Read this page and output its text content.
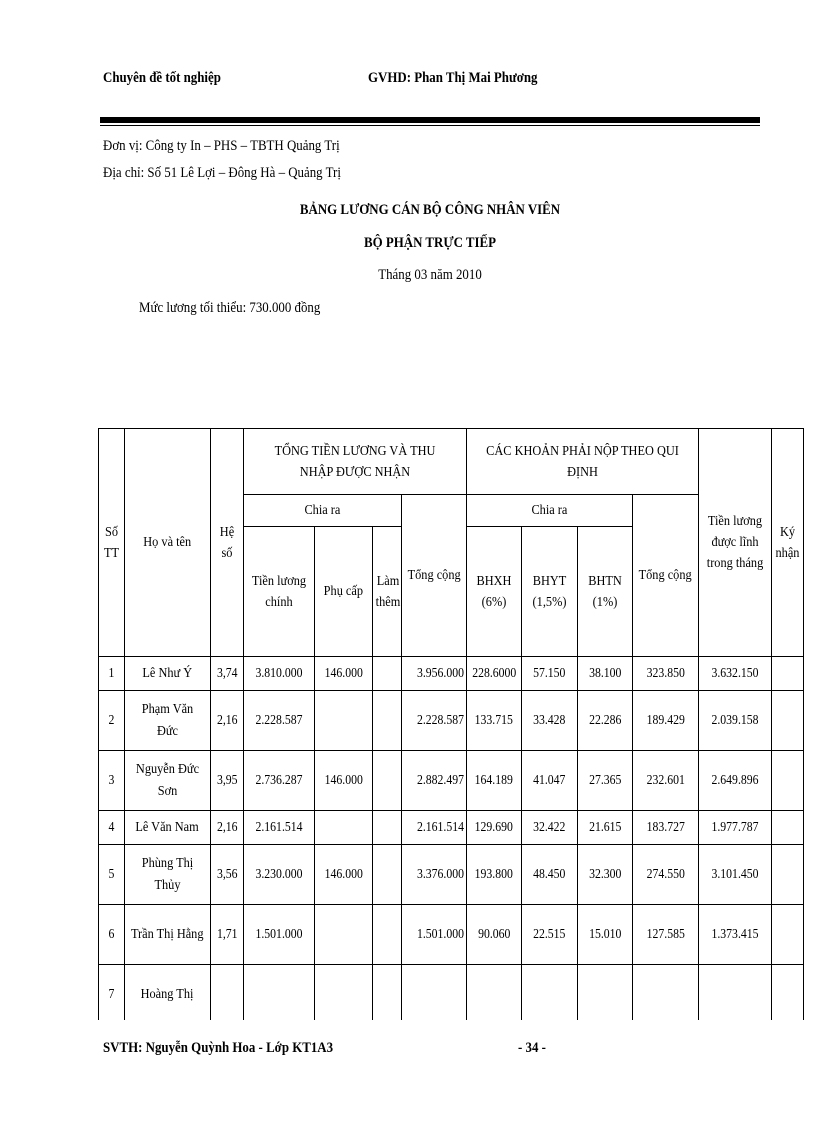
Chuyên đề tốt nghiệp	GVHD: Phan Thị Mai Phương
Đơn vị: Công ty In – PHS – TBTH Quảng Trị
Địa chỉ: Số 51 Lê Lợi – Đông Hà – Quảng Trị
BẢNG LƯƠNG CÁN BỘ CÔNG NHÂN VIÊN
BỘ PHẬN TRỰC TIẾP
Tháng 03 năm 2010
Mức lương tối thiểu: 730.000 đồng
Số TT	Họ và tên	Hệ số	TỔNG TIỀN LƯƠNG VÀ THU NHẬP ĐƯỢC NHẬN				CÁC KHOẢN PHẢI NỘP THEO QUI ĐỊNH				Tiền lương được lĩnh trong tháng	Ký nhận
			Chia ra			Tổng cộng	Chia ra			Tổng cộng		
			Tiền lương chính	Phụ cấp	Làm thêm		BHXH (6%)	BHYT (1,5%)	BHTN (1%)			
1	Lê Như Ý	3,74	3.810.000	146.000		3.956.000	228.6000	57.150	38.100	323.850	3.632.150	
2	Phạm Văn Đức	2,16	2.228.587			2.228.587	133.715	33.428	22.286	189.429	2.039.158	
3	Nguyễn Đức Sơn	3,95	2.736.287	146.000		2.882.497	164.189	41.047	27.365	232.601	2.649.896	
4	Lê Văn Nam	2,16	2.161.514			2.161.514	129.690	32.422	21.615	183.727	1.977.787	
5	Phùng Thị Thủy	3,56	3.230.000	146.000		3.376.000	193.800	48.450	32.300	274.550	3.101.450	
6	Trần Thị Hằng	1,71	1.501.000			1.501.000	90.060	22.515	15.010	127.585	1.373.415	
7	Hoàng Thị											
SVTH: Nguyễn Quỳnh Hoa - Lớp KT1A3	- 34 -
